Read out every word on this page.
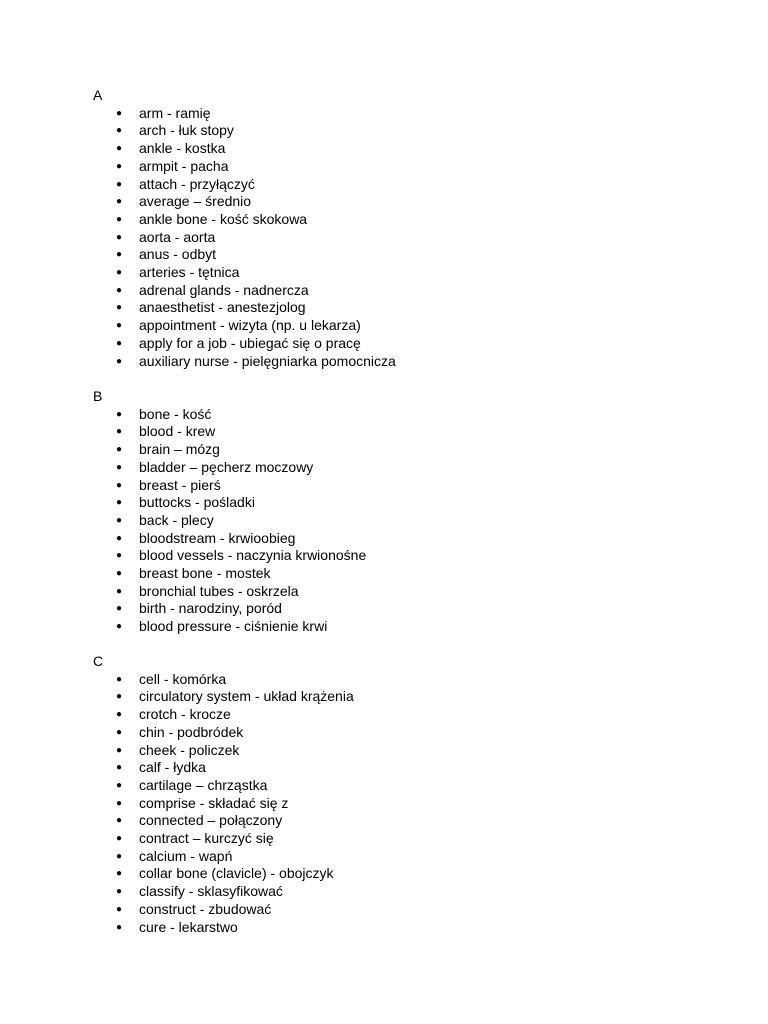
A
● arm - ramię
● arch - łuk stopy
● ankle - kostka
● armpit - pacha
● attach - przyłączyć
● average – średnio
● ankle bone - kość skokowa
● aorta - aorta
● anus - odbyt
● arteries - tętnica
● adrenal glands - nadnercza
● anaesthetist - anestezjolog
● appointment - wizyta (np. u lekarza)
● apply for a job - ubiegać się o pracę
● auxiliary nurse - pielęgniarka pomocnicza
B
● bone - kość
● blood - krew
● brain – mózg
● bladder – pęcherz moczowy
● breast - pierś
● buttocks - pośladki
● back - plecy
● bloodstream - krwioobieg
● blood vessels - naczynia krwionośne
● breast bone - mostek
● bronchial tubes - oskrzela
● birth - narodziny, poród
● blood pressure - ciśnienie krwi
C
● cell - komórka
● circulatory system - układ krążenia
● crotch - krocze
● chin - podbródek
● cheek - policzek
● calf - łydka
● cartilage – chrząstka
● comprise - składać się z
● connected – połączony
● contract – kurczyć się
● calcium - wapń
● collar bone (clavicle) - obojczyk
● classify - sklasyfikować
● construct - zbudować
● cure - lekarstwo
